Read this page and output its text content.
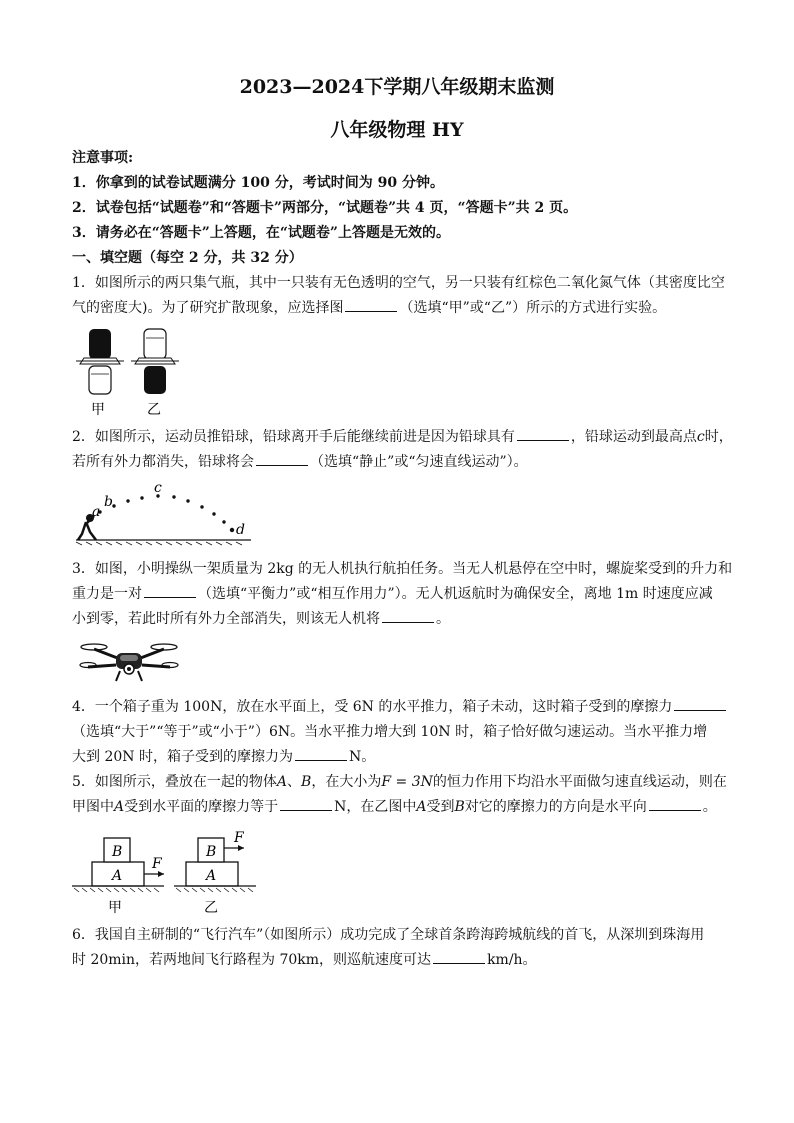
2023—2024下学期八年级期末监测
八年级物理 HY
注意事项:
1．你拿到的试卷试题满分 100 分，考试时间为 90 分钟。
2．试卷包括“试题卷”和“答题卡”两部分，“试题卷”共 4 页，“答题卡”共 2 页。
3．请务必在“答题卡”上答题，在“试题卷”上答题是无效的。
一、填空题（每空 2 分，共 32 分）
1．如图所示的两只集气瓶，其中一只装有无色透明的空气，另一只装有红棕色二氧化氮气体（其密度比空
气的密度大)。为了研究扩散现象，应选择图	（选填“甲”或“乙”）所示的方式进行实验。
甲	乙
2．如图所示，运动员推铅球，铅球离开手后能继续前进是因为铅球具有	，铅球运动到最高点c时，
若所有外力都消失，铅球将会	（选填“静止”或“匀速直线运动”）。
a
b
c
d
3．如图，小明操纵一架质量为 2kg 的无人机执行航拍任务。当无人机悬停在空中时，螺旋桨受到的升力和
重力是一对	（选填“平衡力”或“相互作用力”）。无人机返航时为确保安全，离地 1m 时速度应减
小到零，若此时所有外力全部消失，则该无人机将	。
4．一个箱子重为 100N，放在水平面上，受 6N 的水平推力，箱子未动，这时箱子受到的摩擦力
（选填“大于”“等于”或“小于”）6N。当水平推力增大到 10N 时，箱子恰好做匀速运动。当水平推力增
大到 20N 时，箱子受到的摩擦力为	N。
5．如图所示，叠放在一起的物体A、B，在大小为F = 3N的恒力作用下均沿水平面做匀速直线运动，则在
甲图中A受到水平面的摩擦力等于	N，在乙图中A受到B对它的摩擦力的方向是水平向	。
B
A
F
甲
B
A
F
乙
6．我国自主研制的“飞行汽车”（如图所示）成功完成了全球首条跨海跨城航线的首飞，从深圳到珠海用
时 20min，若两地间飞行路程为 70km，则巡航速度可达	km/h。
